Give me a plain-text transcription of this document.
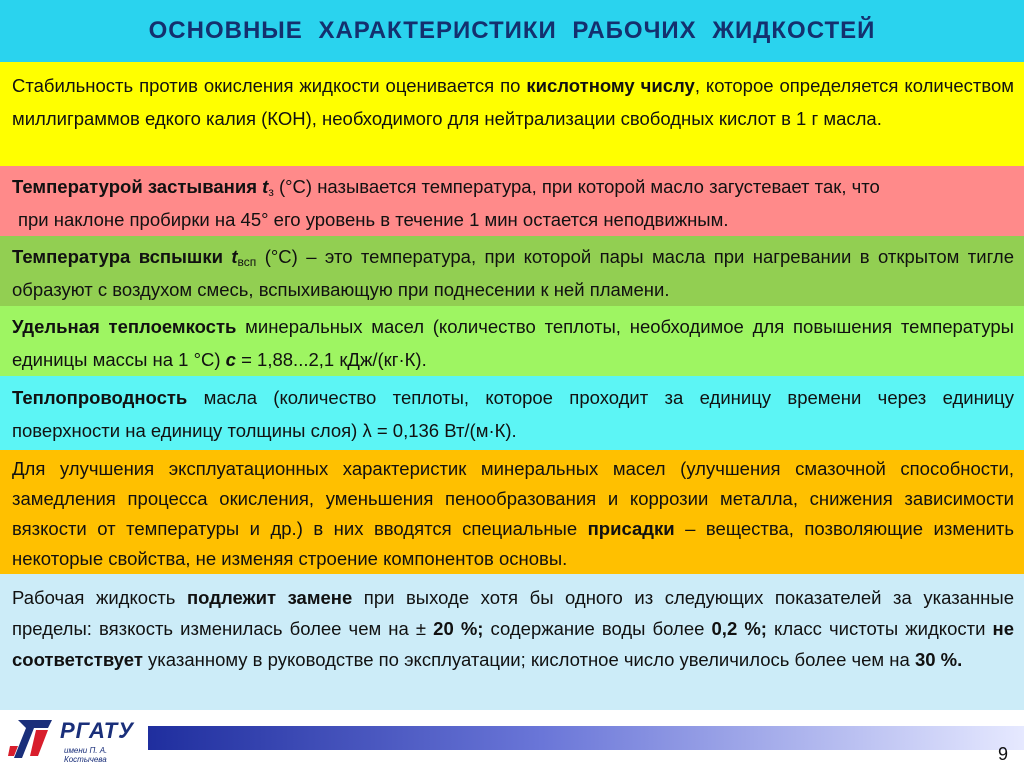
ОСНОВНЫЕ ХАРАКТЕРИСТИКИ РАБОЧИХ ЖИДКОСТЕЙ
Стабильность против окисления жидкости оценивается по кислотному числу, которое определяется количеством миллиграммов едкого калия (КОН), необходимого для нейтрализации свободных кислот в 1 г масла.
Температурой застывания $t_з$ (°С) называется температура, при которой масло загустевает так, что
при наклоне пробирки на 45° его уровень в течение 1 мин остается неподвижным.
Температура вспышки $t_{всп}$ (°С) – это температура, при которой пары масла при нагревании в открытом тигле образуют с воздухом смесь, вспыхивающую при поднесении к ней пламени.
Удельная теплоемкость минеральных масел (количество теплоты, необходимое для повышения температуры единицы массы на 1 °С) с = 1,88...2,1 кДж/(кг·К).
Теплопроводность масла (количество теплоты, которое проходит за единицу времени через единицу поверхности на единицу толщины слоя) λ = 0,136 Вт/(м·К).
Для улучшения эксплуатационных характеристик минеральных масел (улучшения смазочной способности, замедления процесса окисления, уменьшения пенообразования и коррозии металла, снижения зависимости вязкости от температуры и др.) в них вводятся специальные присадки – вещества, позволяющие изменить некоторые свойства, не изменяя строение компонентов основы.
Рабочая жидкость подлежит замене при выходе хотя бы одного из следующих показателей за указанные пределы: вязкость изменилась более чем на ± 20 %; содержание воды более 0,2 %; класс чистоты жидкости не соответствует указанному в руководстве по эксплуатации; кислотное число увеличилось более чем на 30 %.
РГАТУ
имени П. А. Костычева	9
